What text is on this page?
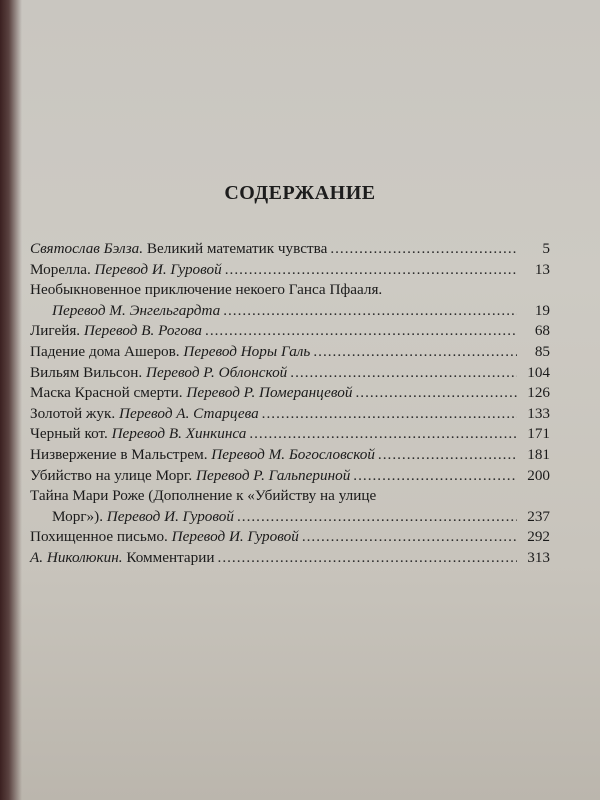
СОДЕРЖАНИЕ
Святослав Бэлза. Великий математик чувства .....	5
Морелла. Перевод И. Гуровой .....	13
Необыкновенное приключение некоего Ганса Пфааля.
Перевод М. Энгельгардта .....	19
Лигейя. Перевод В. Рогова .....	68
Падение дома Ашеров. Перевод Норы Галь .....	85
Вильям Вильсон. Перевод Р. Облонской .....	104
Маска Красной смерти. Перевод Р. Померанцевой .....	126
Золотой жук. Перевод А. Старцева .....	133
Черный кот. Перевод В. Хинкинса .....	171
Низвержение в Мальстрем. Перевод М. Богословской .....	181
Убийство на улице Морг. Перевод Р. Гальпериной .....	200
Тайна Мари Роже (Дополнение к «Убийству на улице
Морг»). Перевод И. Гуровой .....	237
Похищенное письмо. Перевод И. Гуровой .....	292
А. Николюкин. Комментарии .....	313
